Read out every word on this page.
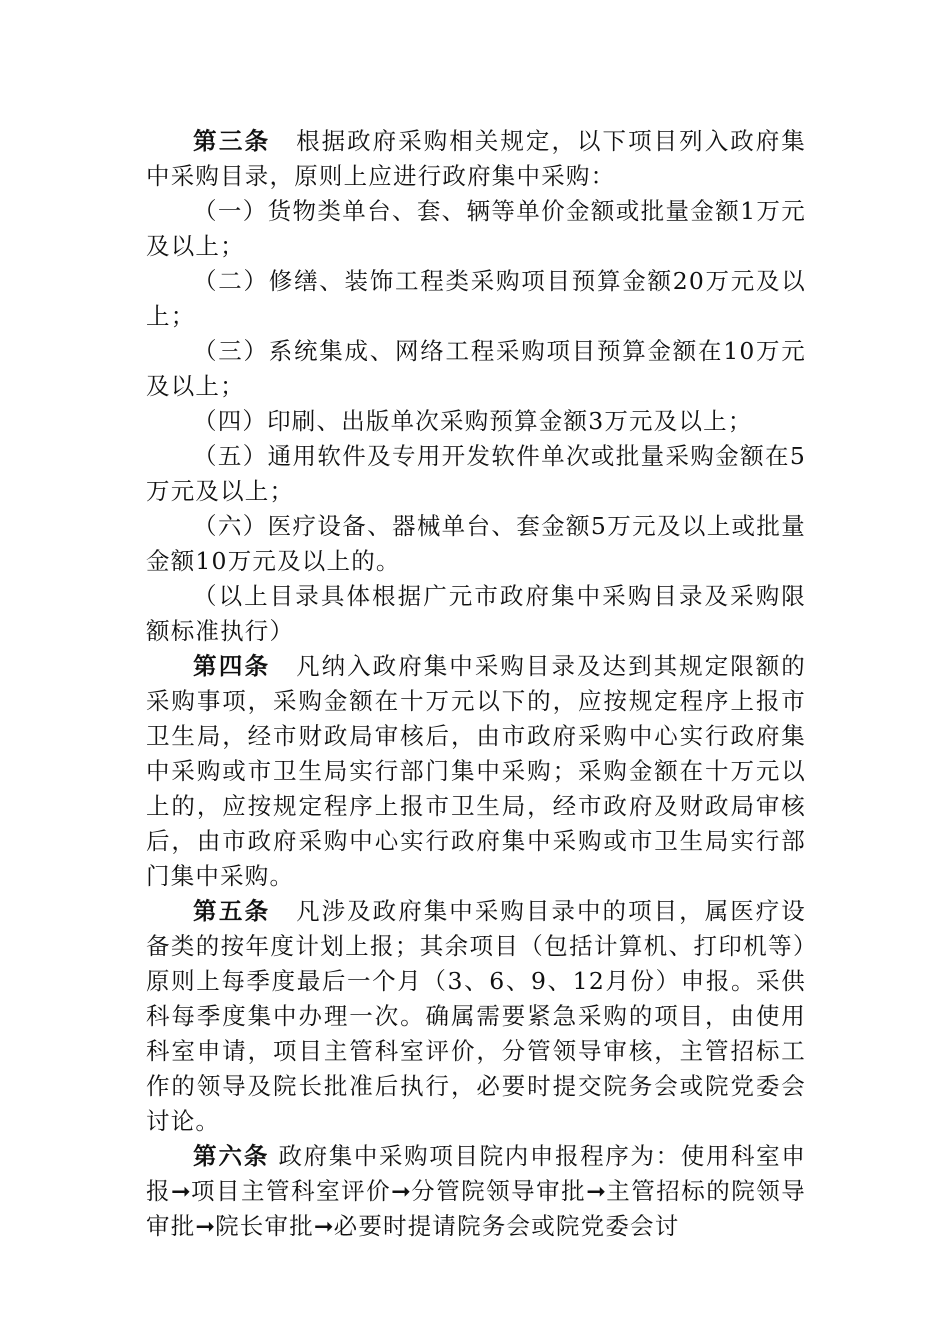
第三条　根据政府采购相关规定，以下项目列入政府集中采购目录，原则上应进行政府集中采购：

（一）货物类单台、套、辆等单价金额或批量金额1万元及以上；

（二）修缮、装饰工程类采购项目预算金额20万元及以上；

（三）系统集成、网络工程采购项目预算金额在10万元及以上；

（四）印刷、出版单次采购预算金额3万元及以上；

（五）通用软件及专用开发软件单次或批量采购金额在5万元及以上；

（六）医疗设备、器械单台、套金额5万元及以上或批量金额10万元及以上的。

（以上目录具体根据广元市政府集中采购目录及采购限额标准执行）

第四条　凡纳入政府集中采购目录及达到其规定限额的采购事项，采购金额在十万元以下的，应按规定程序上报市卫生局，经市财政局审核后，由市政府采购中心实行政府集中采购或市卫生局实行部门集中采购；采购金额在十万元以上的，应按规定程序上报市卫生局，经市政府及财政局审核后，由市政府采购中心实行政府集中采购或市卫生局实行部门集中采购。

第五条　凡涉及政府集中采购目录中的项目，属医疗设备类的按年度计划上报；其余项目（包括计算机、打印机等）原则上每季度最后一个月（3、6、9、12月份）申报。采供科每季度集中办理一次。确属需要紧急采购的项目，由使用科室申请，项目主管科室评价，分管领导审核，主管招标工作的领导及院长批准后执行，必要时提交院务会或院党委会讨论。

第六条 政府集中采购项目院内申报程序为：使用科室申报➞项目主管科室评价➞分管院领导审批➞主管招标的院领导审批➞院长审批➞必要时提请院务会或院党委会讨
